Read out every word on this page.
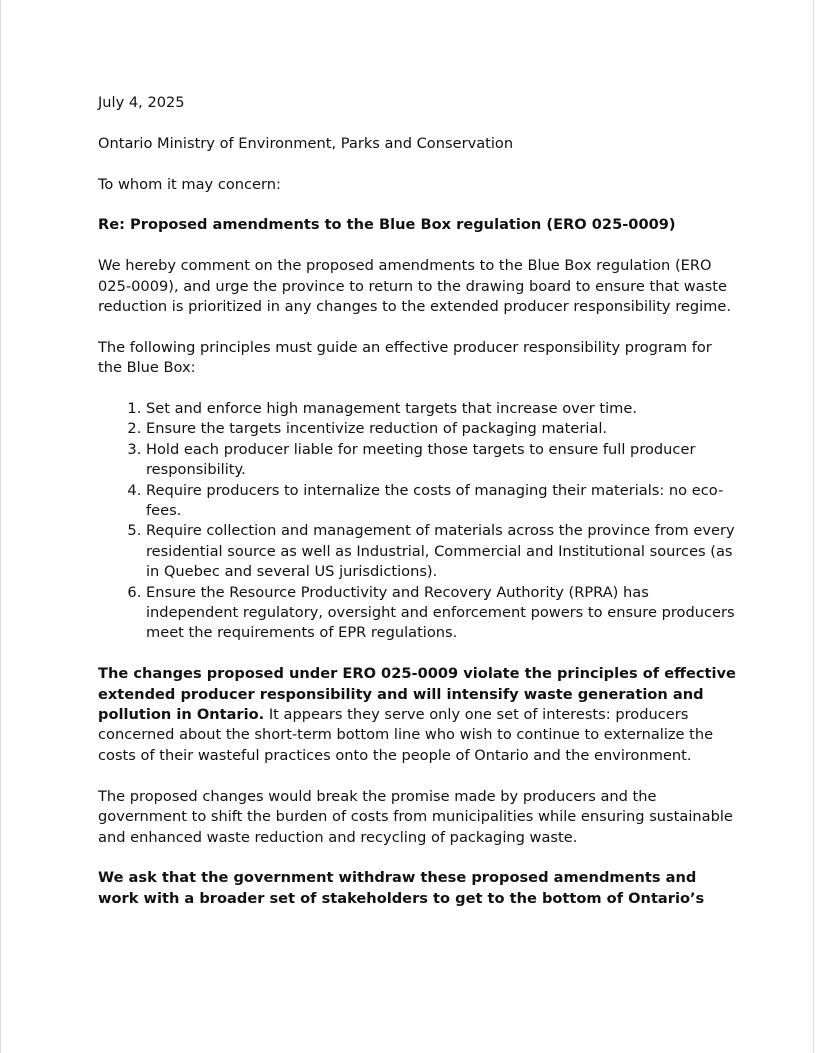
July 4, 2025

Ontario Ministry of Environment, Parks and Conservation

To whom it may concern:

Re: Proposed amendments to the Blue Box regulation (ERO 025-0009)

We hereby comment on the proposed amendments to the Blue Box regulation (ERO 025-0009), and urge the province to return to the drawing board to ensure that waste reduction is prioritized in any changes to the extended producer responsibility regime.

The following principles must guide an effective producer responsibility program for the Blue Box:

1. Set and enforce high management targets that increase over time.
2. Ensure the targets incentivize reduction of packaging material.
3. Hold each producer liable for meeting those targets to ensure full producer responsibility.
4. Require producers to internalize the costs of managing their materials: no eco-fees.
5. Require collection and management of materials across the province from every residential source as well as Industrial, Commercial and Institutional sources (as in Quebec and several US jurisdictions).
6. Ensure the Resource Productivity and Recovery Authority (RPRA) has independent regulatory, oversight and enforcement powers to ensure producers meet the requirements of EPR regulations.

The changes proposed under ERO 025-0009 violate the principles of effective extended producer responsibility and will intensify waste generation and pollution in Ontario. It appears they serve only one set of interests: producers concerned about the short-term bottom line who wish to continue to externalize the costs of their wasteful practices onto the people of Ontario and the environment.

The proposed changes would break the promise made by producers and the government to shift the burden of costs from municipalities while ensuring sustainable and enhanced waste reduction and recycling of packaging waste.

We ask that the government withdraw these proposed amendments and work with a broader set of stakeholders to get to the bottom of Ontario’s
